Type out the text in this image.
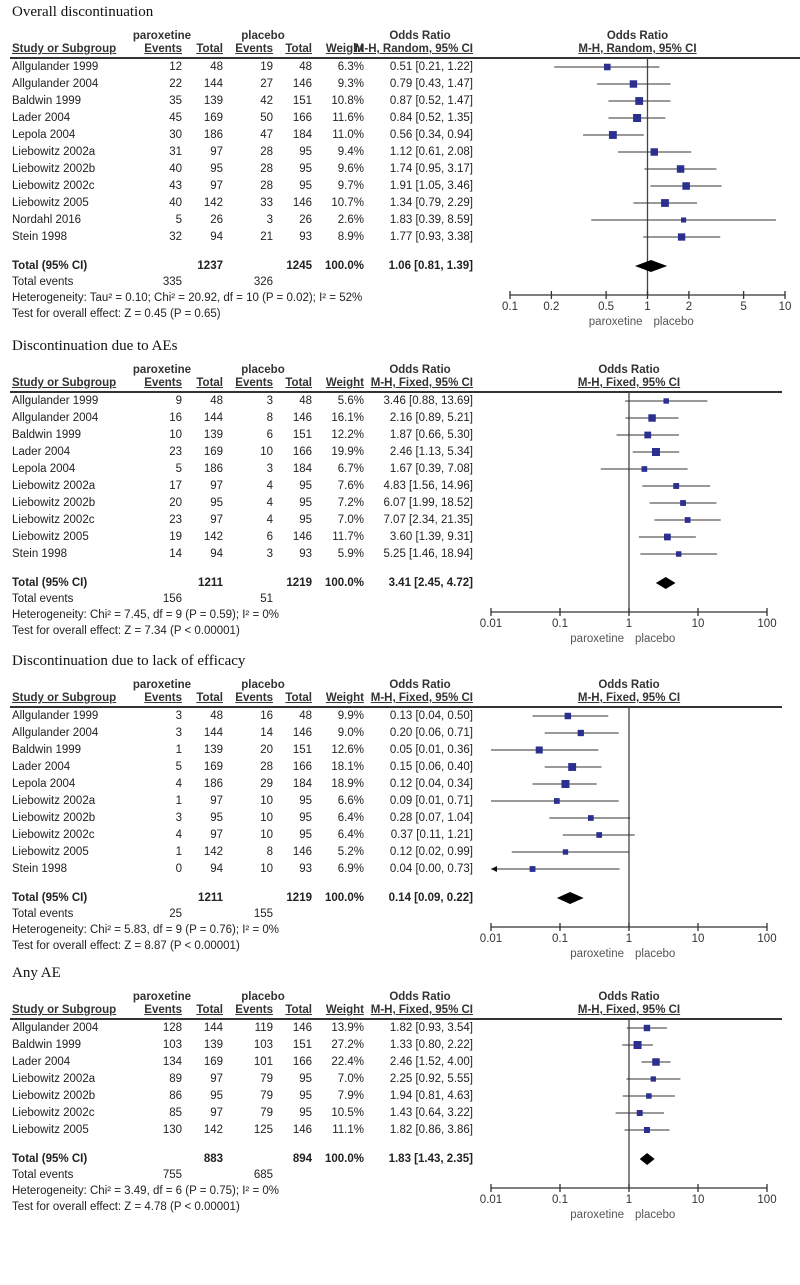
Overall discontinuation
paroxetine	placebo	Odds Ratio	Odds Ratio
Study or Subgroup Events Total Events Total Weight
M-H, Random, 95% CI	M-H, Random, 95% CI
Allgulander 1999	12 48	19 48 6.3% 0.51 [0.21, 1.22]
Allgulander 2004	22 144	27 146 9.3% 0.79 [0.43, 1.47]
Baldwin 1999	35 139	42 151 10.8% 0.87 [0.52, 1.47]
Lader 2004	45 169	50 166 11.6% 0.84 [0.52, 1.35]
Lepola 2004	30 186	47 184 11.0% 0.56 [0.34, 0.94]
Liebowitz 2002a	31 97	28 95 9.4% 1.12 [0.61, 2.08]
Liebowitz 2002b	40 95	28 95 9.6% 1.74 [0.95, 3.17]
Liebowitz 2002c	43 97	28 95 9.7% 1.91 [1.05, 3.46]
Liebowitz 2005	40 142	33 146 10.7% 1.34 [0.79, 2.29]
Nordahl 2016	5 26	3 26 2.6% 1.83 [0.39, 8.59]
Stein 1998	32 94	21 93 8.9% 1.77 [0.93, 3.38]
Total (95% CI)	1237	1245 100.0% 1.06 [0.81, 1.39]
Total events	335	326
Heterogeneity: Tau² = 0.10; Chi² = 20.92, df = 10 (P = 0.02); I² = 52%
Test for overall effect: Z = 0.45 (P = 0.65)
0.1	0.2	0.5	1	2	5	10
paroxetine placebo
Discontinuation due to AEs
paroxetine	placebo	Odds Ratio	Odds Ratio
Study or Subgroup Events Total Events Total Weight M-H, Fixed, 95% CI	M-H, Fixed, 95% CI
Allgulander 1999	9 48	3 48 5.6% 3.46 [0.88, 13.69]
Allgulander 2004	16 144	8 146 16.1% 2.16 [0.89, 5.21]
Baldwin 1999	10 139	6 151 12.2% 1.87 [0.66, 5.30]
Lader 2004	23 169	10 166 19.9% 2.46 [1.13, 5.34]
Lepola 2004	5 186	3 184 6.7% 1.67 [0.39, 7.08]
Liebowitz 2002a	17 97	4 95 7.6% 4.83 [1.56, 14.96]
Liebowitz 2002b	20 95	4 95 7.2% 6.07 [1.99, 18.52]
Liebowitz 2002c	23 97	4 95 7.0% 7.07 [2.34, 21.35]
Liebowitz 2005	19 142	6 146 11.7% 3.60 [1.39, 9.31]
Stein 1998	14 94	3 93 5.9% 5.25 [1.46, 18.94]
Total (95% CI)	1211	1219 100.0% 3.41 [2.45, 4.72]
Total events	156	51
Heterogeneity: Chi² = 7.45, df = 9 (P = 0.59); I² = 0%
Test for overall effect: Z = 7.34 (P < 0.00001)
0.01	0.1	1	10	100
paroxetine placebo
Discontinuation due to lack of efficacy
paroxetine	placebo	Odds Ratio	Odds Ratio
Study or Subgroup Events Total Events Total Weight M-H, Fixed, 95% CI	M-H, Fixed, 95% CI
Allgulander 1999	3 48	16 48 9.9% 0.13 [0.04, 0.50]
Allgulander 2004	3 144	14 146 9.0% 0.20 [0.06, 0.71]
Baldwin 1999	1 139	20 151 12.6% 0.05 [0.01, 0.36]
Lader 2004	5 169	28 166 18.1% 0.15 [0.06, 0.40]
Lepola 2004	4 186	29 184 18.9% 0.12 [0.04, 0.34]
Liebowitz 2002a	1 97	10 95 6.6% 0.09 [0.01, 0.71]
Liebowitz 2002b	3 95	10 95 6.4% 0.28 [0.07, 1.04]
Liebowitz 2002c	4 97	10 95 6.4% 0.37 [0.11, 1.21]
Liebowitz 2005	1 142	8 146 5.2% 0.12 [0.02, 0.99]
Stein 1998	0 94	10 93 6.9% 0.04 [0.00, 0.73]
Total (95% CI)	1211	1219 100.0% 0.14 [0.09, 0.22]
Total events	25	155
Heterogeneity: Chi² = 5.83, df = 9 (P = 0.76); I² = 0%
Test for overall effect: Z = 8.87 (P < 0.00001)
0.01	0.1	1	10	100
paroxetine placebo
Any AE
paroxetine	placebo	Odds Ratio	Odds Ratio
Study or Subgroup Events Total Events Total Weight M-H, Fixed, 95% CI	M-H, Fixed, 95% CI
Allgulander 2004	128 144	119 146 13.9% 1.82 [0.93, 3.54]
Baldwin 1999	103 139	103 151 27.2% 1.33 [0.80, 2.22]
Lader 2004	134 169	101 166 22.4% 2.46 [1.52, 4.00]
Liebowitz 2002a	89 97	79 95 7.0% 2.25 [0.92, 5.55]
Liebowitz 2002b	86 95	79 95 7.9% 1.94 [0.81, 4.63]
Liebowitz 2002c	85 97	79 95 10.5% 1.43 [0.64, 3.22]
Liebowitz 2005	130 142	125 146 11.1% 1.82 [0.86, 3.86]
Total (95% CI)	883	894 100.0% 1.83 [1.43, 2.35]
Total events	755	685
Heterogeneity: Chi² = 3.49, df = 6 (P = 0.75); I² = 0%
Test for overall effect: Z = 4.78 (P < 0.00001)
0.01	0.1	1	10	100
paroxetine placebo
